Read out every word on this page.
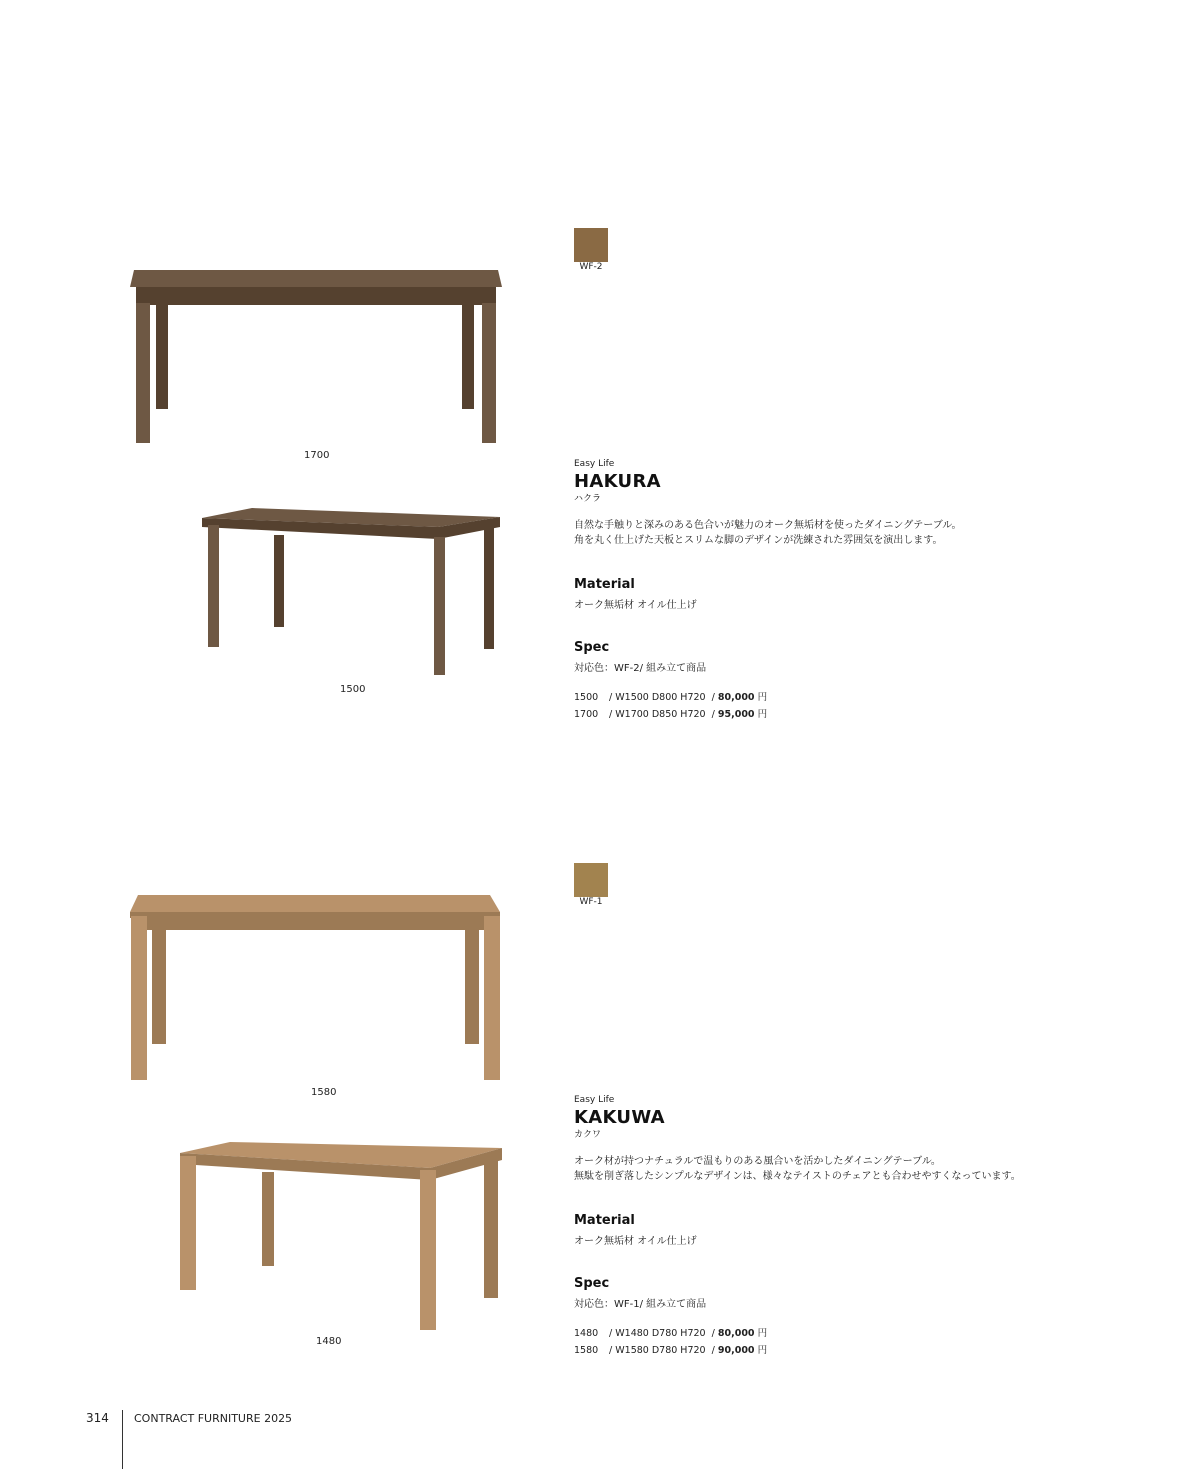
WF-2
1700
1500
Easy Life
HAKURA
ハクラ
自然な手触りと深みのある色合いが魅力のオーク無垢材を使ったダイニングテーブル。
角を丸く仕上げた天板とスリムな脚のデザインが洗練された雰囲気を演出します。
Material
オーク無垢材 オイル仕上げ
Spec
対応色：WF-2/ 組み立て商品
1500 / W1500 D800 H720  / 80,000 円
1700 / W1700 D850 H720  / 95,000 円
WF-1
1580
1480
Easy Life
KAKUWA
カクワ
オーク材が持つナチュラルで温もりのある風合いを活かしたダイニングテーブル。
無駄を削ぎ落したシンプルなデザインは、様々なテイストのチェアとも合わせやすくなっています。
Material
オーク無垢材 オイル仕上げ
Spec
対応色：WF-1/ 組み立て商品
1480 / W1480 D780 H720  / 80,000 円
1580 / W1580 D780 H720  / 90,000 円
314 CONTRACT FURNITURE 2025
